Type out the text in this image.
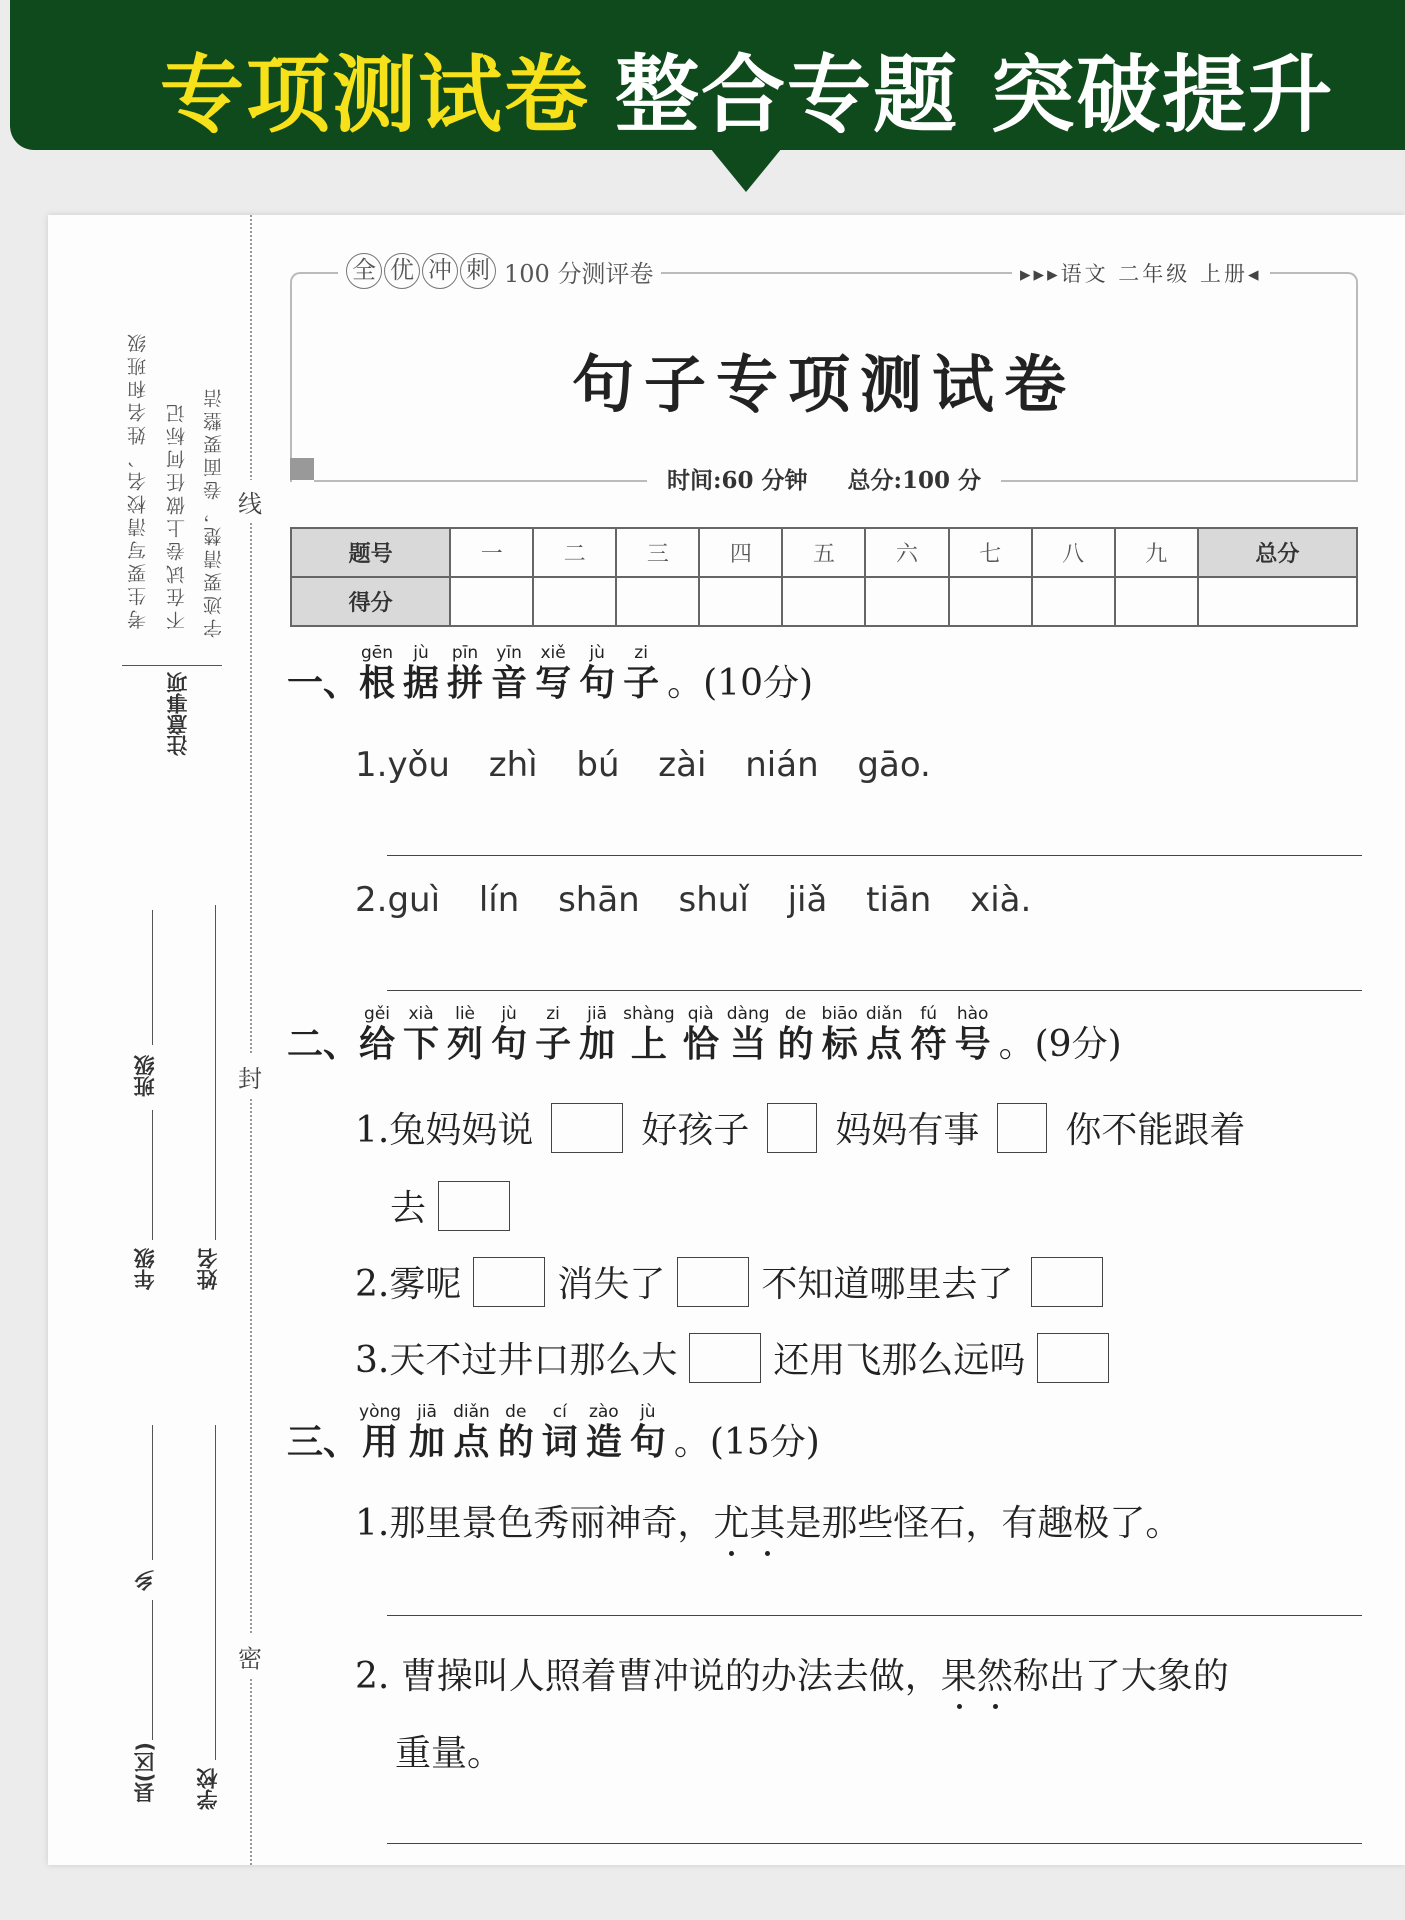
专项测试卷 整合专题 突破提升
考生要写清校名、姓名和班级 不在试卷上做任何标记 字迹要清楚，卷面要整洁
注意事项
线
封
密
班级
年级 姓名
乡
县(区) 学校
全 优 冲 刺 100 分测评卷	▸▸▸语文 二年级 上册◂
句子专项测试卷
时间:60 分钟 总分:100 分
题号	一	二	三	四	五	六	七	八	九	总分
得分										
一、 根gēn
据jù
拼pīn
音yīn
写xiě
句jù
子zi
。(10分)
1.yǒu zhì bú zài nián gāo.
2.guì lín shān shuǐ jiǎ tiān xià.
二、 给gěi
下xià
列liè
句jù
子zi
加jiā
上shàng
恰qià
当dàng
的de
标biāo
点diǎn
符fú
号hào
。(9分)
1.兔妈妈说	好孩子 妈妈有事 你不能跟着
去
2.雾呢	消失了	不知道哪里去了
3.天不过井口那么大	还用飞那么远吗
三、 用yòng
加jiā
点diǎn
的de
词cí
造zào
句jù
。(15分)
1.那里景色秀丽神奇， 尤 其 是那些怪石，有趣极了。
2. 曹操叫人照着曹冲说的办法去做， 果 然 称出了大象的
重量。
